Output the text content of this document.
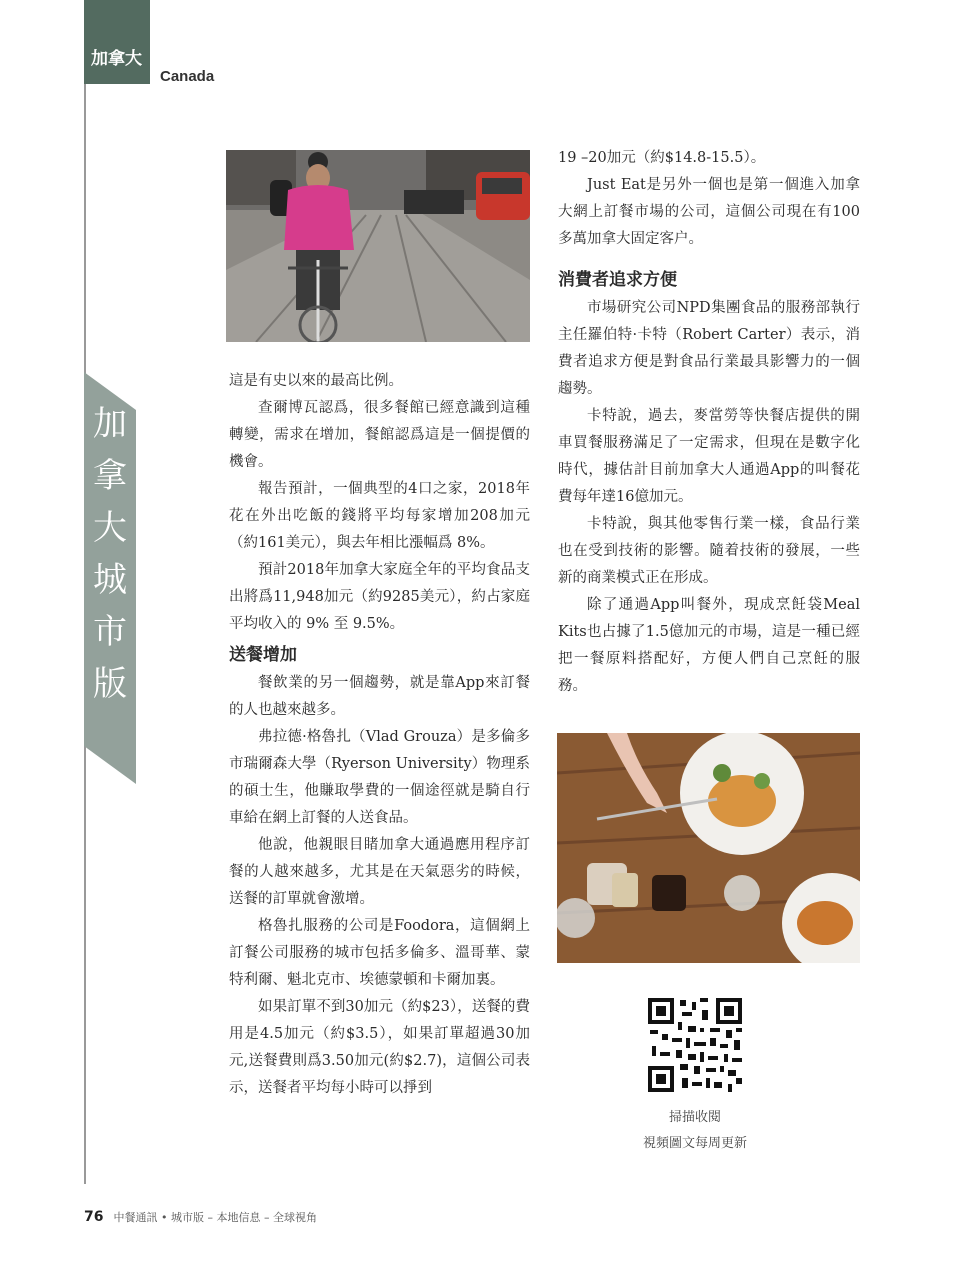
加拿大
Canada
加
拿
大
城
市
版

這是有史以來的最高比例。

查爾博瓦認爲，很多餐館已經意識到這種轉變，需求在增加，餐館認爲這是一個提價的機會。

報告預計，一個典型的4口之家，2018年花在外出吃飯的錢將平均每家增加208加元（約161美元），與去年相比漲幅爲 8%。

預計2018年加拿大家庭全年的平均食品支出將爲11,948加元（約9285美元），約占家庭平均收入的 9% 至 9.5%。

送餐增加

餐飲業的另一個趨勢，就是靠App來訂餐的人也越來越多。

弗拉德·格魯扎（Vlad Grouza）是多倫多市瑞爾森大學（Ryerson University）物理系的碩士生，他賺取學費的一個途徑就是騎自行車給在網上訂餐的人送食品。

他說，他親眼目睹加拿大通過應用程序訂餐的人越來越多，尤其是在天氣惡劣的時候，送餐的訂單就會激增。

格魯扎服務的公司是Foodora，這個網上訂餐公司服務的城市包括多倫多、溫哥華、蒙特利爾、魁北克市、埃德蒙頓和卡爾加裏。

如果訂單不到30加元（約$23），送餐的費用是4.5加元（約$3.5），如果訂單超過30加元,送餐費則爲3.50加元(約$2.7)，這個公司表示，送餐者平均每小時可以掙到

19 –20加元（約$14.8-15.5）。

Just Eat是另外一個也是第一個進入加拿大網上訂餐市場的公司，這個公司現在有100多萬加拿大固定客户。

消費者追求方便

市場研究公司NPD集團食品的服務部執行主任羅伯特·卡特（Robert Carter）表示，消費者追求方便是對食品行業最具影響力的一個趨勢。

卡特說，過去，麥當勞等快餐店提供的開車買餐服務滿足了一定需求，但現在是數字化時代，據估計目前加拿大人通過App的叫餐花費每年達16億加元。

卡特說，與其他零售行業一樣，食品行業也在受到技術的影響。隨着技術的發展，一些新的商業模式正在形成。

除了通過App叫餐外，現成烹飪袋Meal Kits也占據了1.5億加元的市場，這是一種已經把一餐原料搭配好，方便人們自己烹飪的服務。

掃描收閱
視頻圖文每周更新
76 中餐通訊 • 城市版 – 本地信息 – 全球視角
